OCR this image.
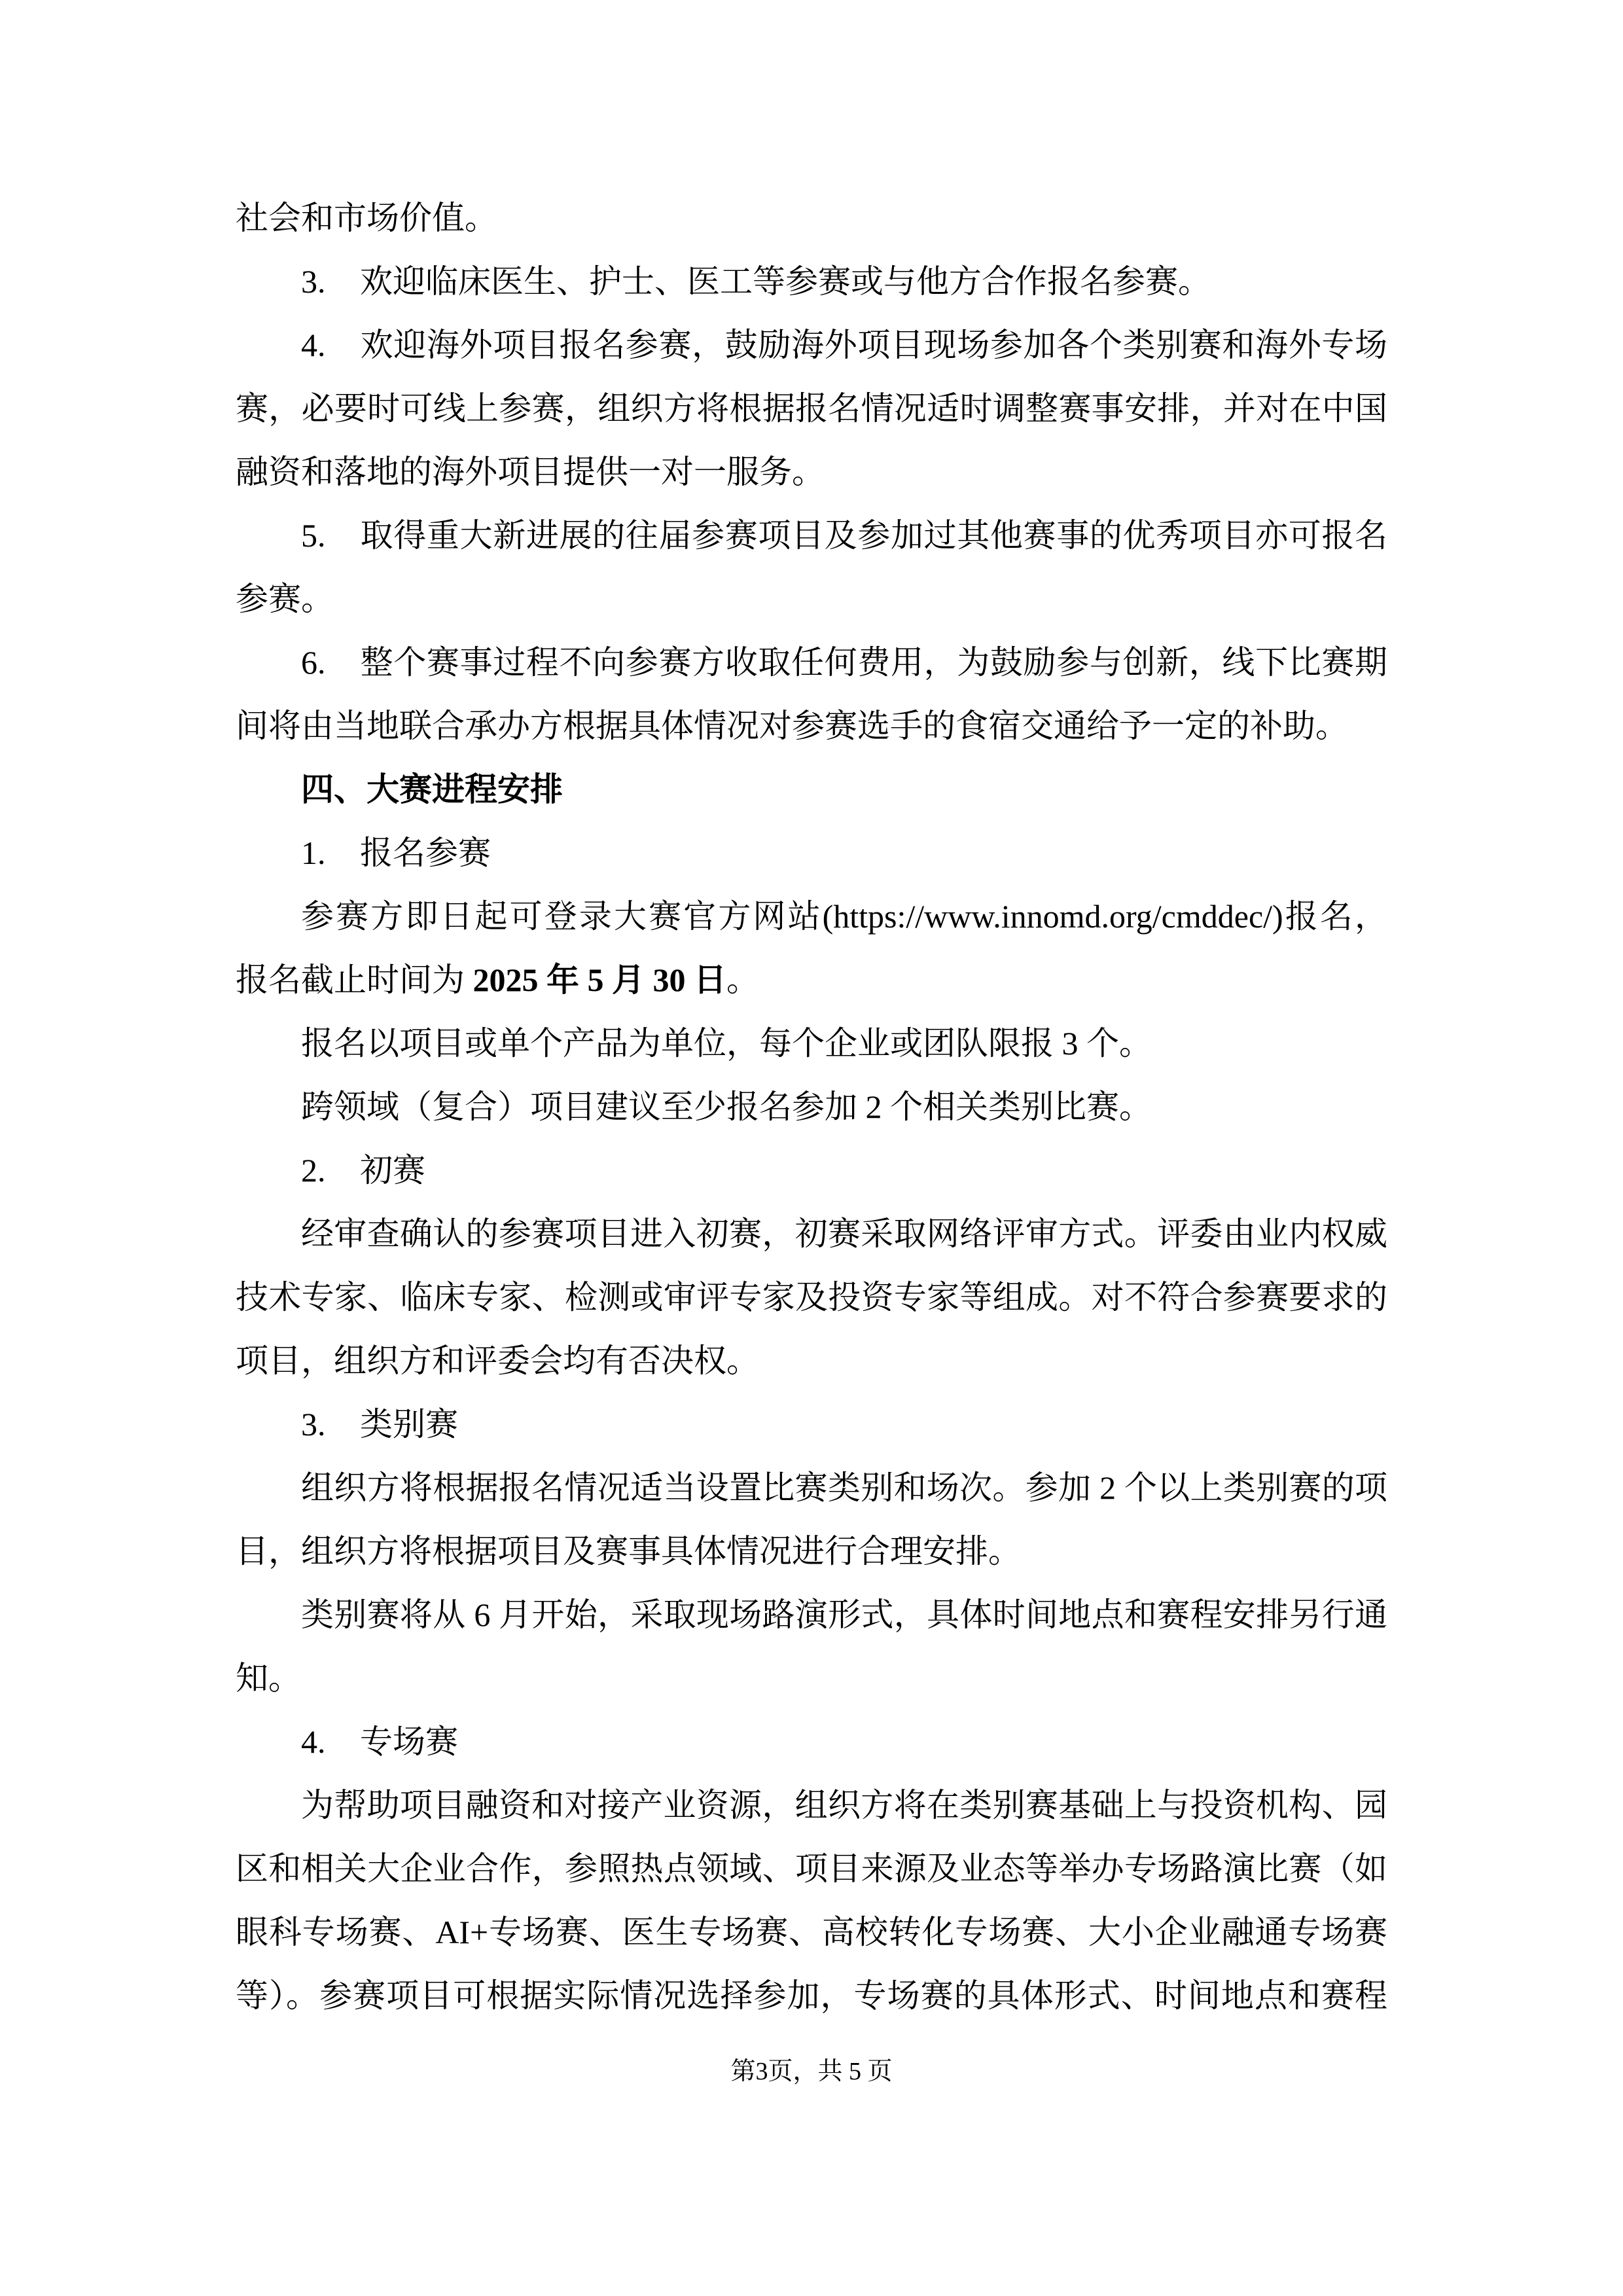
社会和市场价值。
3. 欢迎临床医生、护士、医工等参赛或与他方合作报名参赛。
4. 欢迎海外项目报名参赛，鼓励海外项目现场参加各个类别赛和海外专场
赛，必要时可线上参赛，组织方将根据报名情况适时调整赛事安排，并对在中国
融资和落地的海外项目提供一对一服务。
5. 取得重大新进展的往届参赛项目及参加过其他赛事的优秀项目亦可报名
参赛。
6. 整个赛事过程不向参赛方收取任何费用，为鼓励参与创新，线下比赛期
间将由当地联合承办方根据具体情况对参赛选手的食宿交通给予一定的补助。
四、大赛进程安排
1. 报名参赛
参赛方即日起可登录大赛官方网站(https://www.innomd.org/cmddec/)报名，
报名截止时间为 2025 年 5 月 30 日。
报名以项目或单个产品为单位，每个企业或团队限报 3 个。
跨领域（复合）项目建议至少报名参加 2 个相关类别比赛。
2. 初赛
经审查确认的参赛项目进入初赛，初赛采取网络评审方式。评委由业内权威
技术专家、临床专家、检测或审评专家及投资专家等组成。对不符合参赛要求的
项目，组织方和评委会均有否决权。
3. 类别赛
组织方将根据报名情况适当设置比赛类别和场次。参加 2 个以上类别赛的项
目，组织方将根据项目及赛事具体情况进行合理安排。
类别赛将从 6 月开始，采取现场路演形式，具体时间地点和赛程安排另行通
知。
4. 专场赛
为帮助项目融资和对接产业资源，组织方将在类别赛基础上与投资机构、园
区和相关大企业合作，参照热点领域、项目来源及业态等举办专场路演比赛（如
眼科专场赛、AI+专场赛、医生专场赛、高校转化专场赛、大小企业融通专场赛
等）。参赛项目可根据实际情况选择参加，专场赛的具体形式、时间地点和赛程
第3页，共 5 页
